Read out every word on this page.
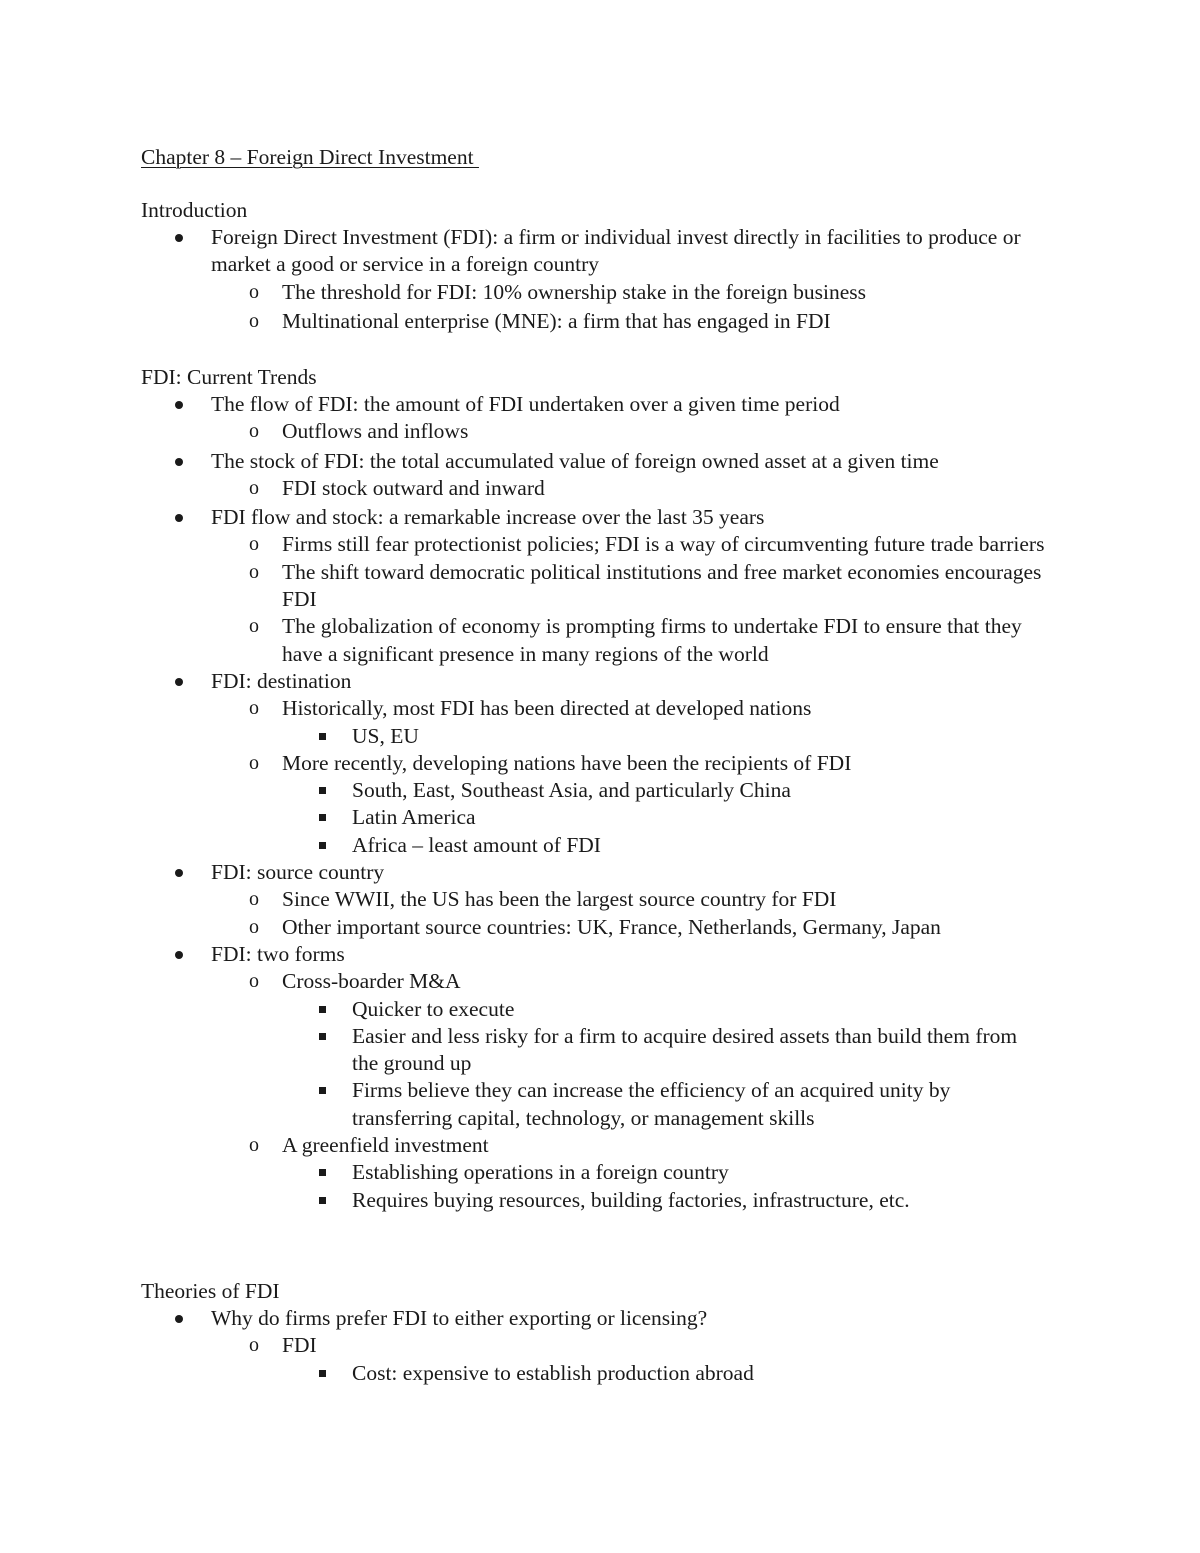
Chapter 8 – Foreign Direct Investment
Introduction
Foreign Direct Investment (FDI): a firm or individual invest directly in facilities to produce or market a good or service in a foreign country
o The threshold for FDI: 10% ownership stake in the foreign business
o Multinational enterprise (MNE): a firm that has engaged in FDI
FDI: Current Trends
The flow of FDI: the amount of FDI undertaken over a given time period
o Outflows and inflows
The stock of FDI: the total accumulated value of foreign owned asset at a given time
o FDI stock outward and inward
FDI flow and stock: a remarkable increase over the last 35 years
o Firms still fear protectionist policies; FDI is a way of circumventing future trade barriers
o The shift toward democratic political institutions and free market economies encourages FDI
o The globalization of economy is prompting firms to undertake FDI to ensure that they have a significant presence in many regions of the world
FDI: destination
o Historically, most FDI has been directed at developed nations
US, EU
o More recently, developing nations have been the recipients of FDI
South, East, Southeast Asia, and particularly China
Latin America
Africa – least amount of FDI
FDI: source country
o Since WWII, the US has been the largest source country for FDI
o Other important source countries: UK, France, Netherlands, Germany, Japan
FDI: two forms
o Cross-boarder M&A
Quicker to execute
Easier and less risky for a firm to acquire desired assets than build them from the ground up
Firms believe they can increase the efficiency of an acquired unity by transferring capital, technology, or management skills
o A greenfield investment
Establishing operations in a foreign country
Requires buying resources, building factories, infrastructure, etc.
Theories of FDI
Why do firms prefer FDI to either exporting or licensing?
o FDI
Cost: expensive to establish production abroad
